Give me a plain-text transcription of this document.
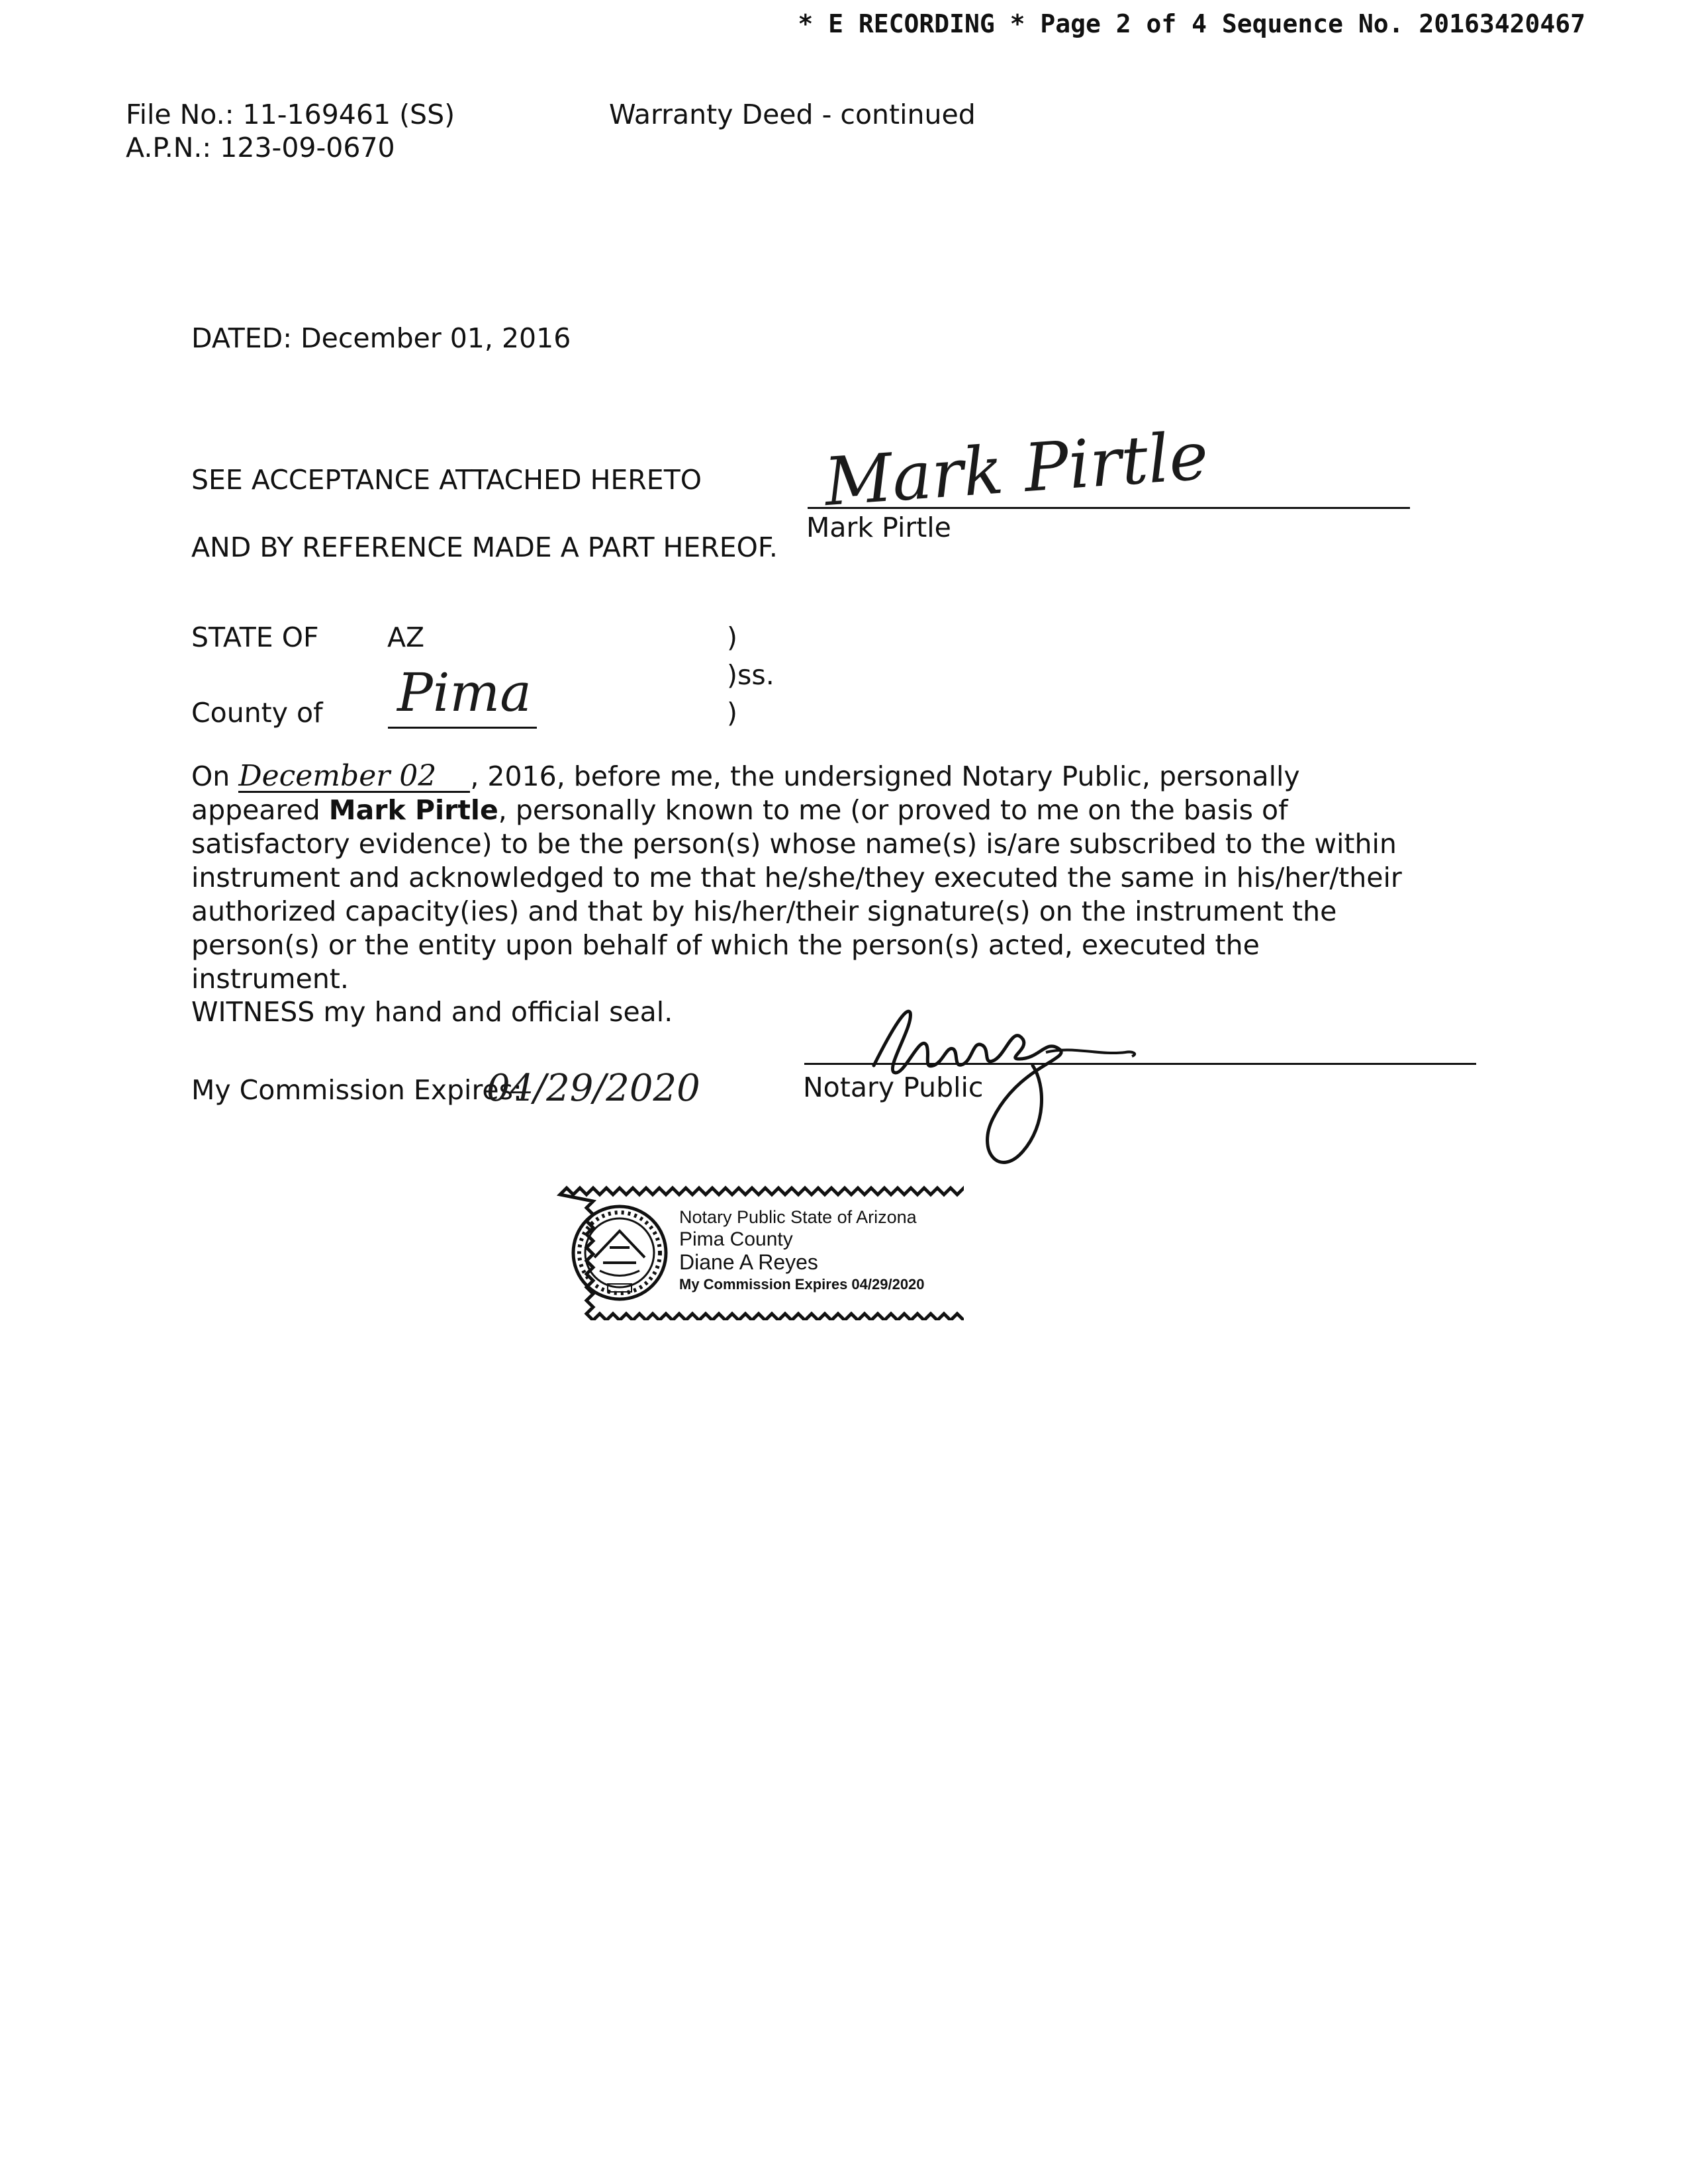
* E RECORDING * Page 2 of 4 Sequence No. 20163420467
File No.: 11-169461 (SS)
A.P.N.: 123-09-0670
Warranty Deed - continued
DATED: December 01, 2016
SEE ACCEPTANCE ATTACHED HERETO
AND BY REFERENCE MADE A PART HEREOF.
Mark Pirtle
Mark Pirtle
STATE OF	AZ
County of Pima
)
)ss.
)
On December 02 , 2016, before me, the undersigned Notary Public, personally appeared Mark Pirtle, personally known to me (or proved to me on the basis of satisfactory evidence) to be the person(s) whose name(s) is/are subscribed to the within instrument and acknowledged to me that he/she/they executed the same in his/her/their authorized capacity(ies) and that by his/her/their signature(s) on the instrument the person(s) or the entity upon behalf of which the person(s) acted, executed the instrument.
WITNESS my hand and official seal.
My Commission Expires:
04/29/2020	Notary Public
Notary Public State of Arizona
Pima County
Diane A Reyes
My Commission Expires 04/29/2020
